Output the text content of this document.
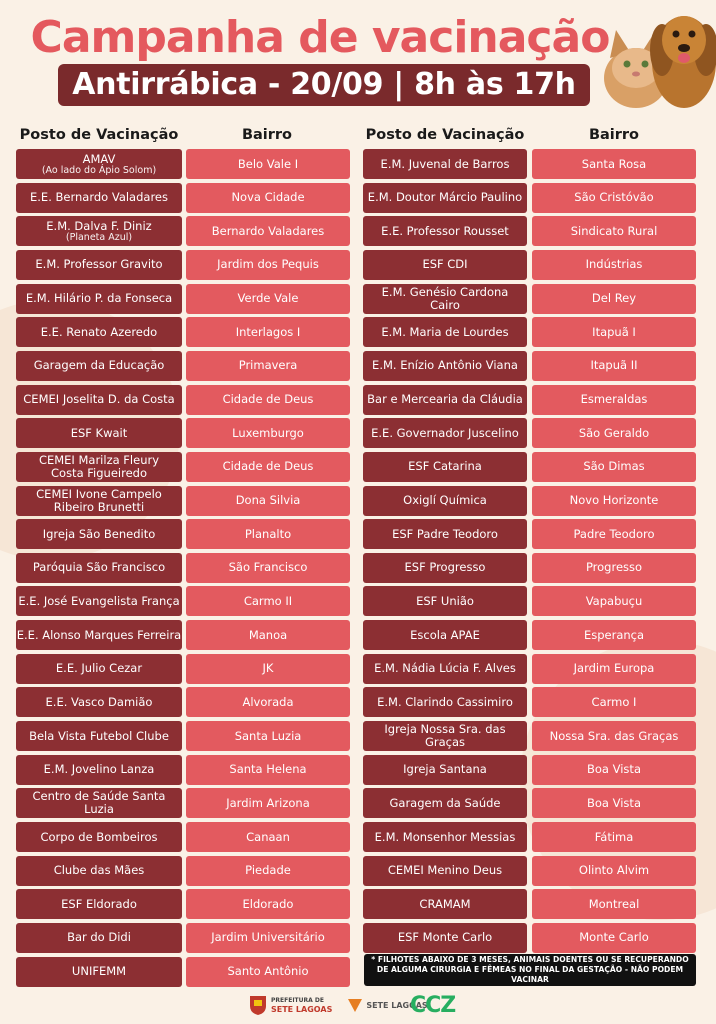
Campanha de vacinação
Antirrábica - 20/09 | 8h às 17h
Posto de Vacinação	Bairro	Posto de Vacinação	Bairro
AMAV
(Ao lado do Ápio Solom)	Belo Vale I
E.E. Bernardo Valadares	Nova Cidade
E.M. Dalva F. Diniz
(Planeta Azul)	Bernardo Valadares
E.M. Professor Gravito	Jardim dos Pequis
E.M. Hilário P. da Fonseca	Verde Vale
E.E. Renato Azeredo	Interlagos I
Garagem da Educação	Primavera
CEMEI Joselita D. da Costa	Cidade de Deus
ESF Kwait	Luxemburgo
CEMEI Marilza Fleury
Costa Figueiredo	Cidade de Deus
CEMEI Ivone Campelo
Ribeiro Brunetti	Dona Silvia
Igreja São Benedito	Planalto
Paróquia São Francisco	São Francisco
E.E. José Evangelista França	Carmo II
E.E. Alonso Marques Ferreira	Manoa
E.E. Julio Cezar	JK
E.E. Vasco Damião	Alvorada
Bela Vista Futebol Clube	Santa Luzia
E.M. Jovelino Lanza	Santa Helena
Centro de Saúde Santa Luzia	Jardim Arizona
Corpo de Bombeiros	Canaan
Clube das Mães	Piedade
ESF Eldorado	Eldorado
Bar do Didi	Jardim Universitário
UNIFEMM	Santo Antônio
E.M. Juvenal de Barros	Santa Rosa
E.M. Doutor Márcio Paulino	São Cristóvão
E.E. Professor Rousset	Sindicato Rural
ESF CDI	Indústrias
E.M. Genésio Cardona
Cairo	Del Rey
E.M. Maria de Lourdes	Itapuã I
E.M. Enízio Antônio Viana	Itapuã II
Bar e Mercearia da Cláudia	Esmeraldas
E.E. Governador Juscelino	São Geraldo
ESF Catarina	São Dimas
Oxiglí Química	Novo Horizonte
ESF Padre Teodoro	Padre Teodoro
ESF Progresso	Progresso
ESF União	Vapabuçu
Escola APAE	Esperança
E.M. Nádia Lúcia F. Alves	Jardim Europa
E.M. Clarindo Cassimiro	Carmo I
Igreja Nossa Sra. das Graças	Nossa Sra. das Graças
Igreja Santana	Boa Vista
Garagem da Saúde	Boa Vista
E.M. Monsenhor Messias	Fátima
CEMEI Menino Deus	Olinto Alvim
CRAMAM	Montreal
ESF Monte Carlo	Monte Carlo
* FILHOTES ABAIXO DE 3 MESES, ANIMAIS DOENTES OU SE RECUPERANDO
DE ALGUMA CIRURGIA E FÊMEAS NO FINAL DA GESTAÇÃO - NÃO PODEM VACINAR
PREFEITURA DE
SETE LAGOAS	SETE LAGOAS
CCZ
